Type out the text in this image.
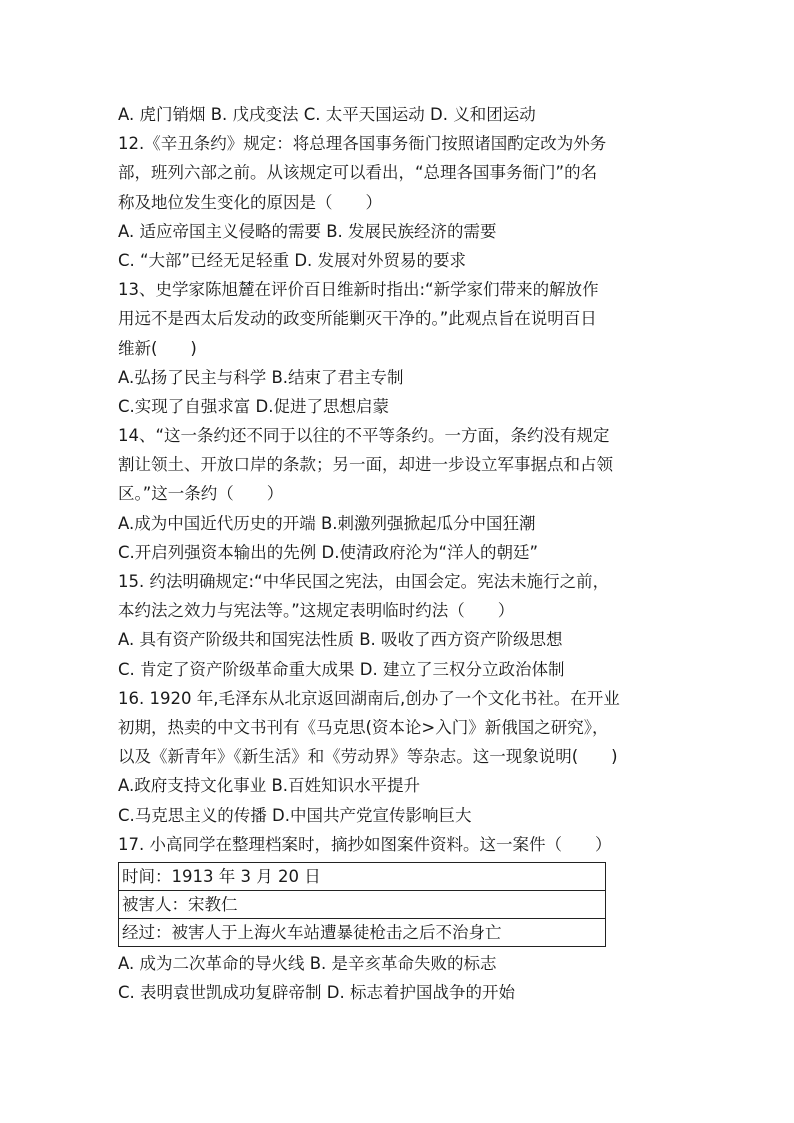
A. 虎门销烟 B. 戊戌变法 C. 太平天国运动 D. 义和团运动
12.《辛丑条约》规定：将总理各国事务衙门按照诸国酌定改为外务
部，班列六部之前。从该规定可以看出，“总理各国事务衙门”的名
称及地位发生变化的原因是（　　）
A. 适应帝国主义侵略的需要 B. 发展民族经济的需要
C. “大部”已经无足轻重 D. 发展对外贸易的要求
13、史学家陈旭麓在评价百日维新时指出:“新学家们带来的解放作
用远不是西太后发动的政变所能剿灭干净的。”此观点旨在说明百日
维新(　　)
A.弘扬了民主与科学 B.结束了君主专制
C.实现了自强求富 D.促进了思想启蒙
14、“这一条约还不同于以往的不平等条约。一方面，条约没有规定
割让领土、开放口岸的条款；另一面，却进一步设立军事据点和占领
区。”这一条约（　　）
A.成为中国近代历史的开端 B.刺激列强掀起瓜分中国狂潮
C.开启列强资本输出的先例 D.使清政府沦为“洋人的朝廷”
15. 约法明确规定:“中华民国之宪法，由国会定。宪法未施行之前，
本约法之效力与宪法等。”这规定表明临时约法（　　）
A. 具有资产阶级共和国宪法性质 B. 吸收了西方资产阶级思想
C. 肯定了资产阶级革命重大成果 D. 建立了三权分立政治体制
16. 1920 年,毛泽东从北京返回湖南后,创办了一个文化书社。在开业
初期，热卖的中文书刊有《马克思(资本论>入门》新俄国之研究》，
以及《新青年》《新生活》和《劳动界》等杂志。这一现象说明(　　)
A.政府支持文化事业 B.百姓知识水平提升
C.马克思主义的传播 D.中国共产党宣传影响巨大
17. 小高同学在整理档案时，摘抄如图案件资料。这一案件（　　）
时间：1913 年 3 月 20 日
被害人：宋教仁
经过：被害人于上海火车站遭暴徒枪击之后不治身亡
A. 成为二次革命的导火线 B. 是辛亥革命失败的标志
C. 表明袁世凯成功复辟帝制 D. 标志着护国战争的开始
